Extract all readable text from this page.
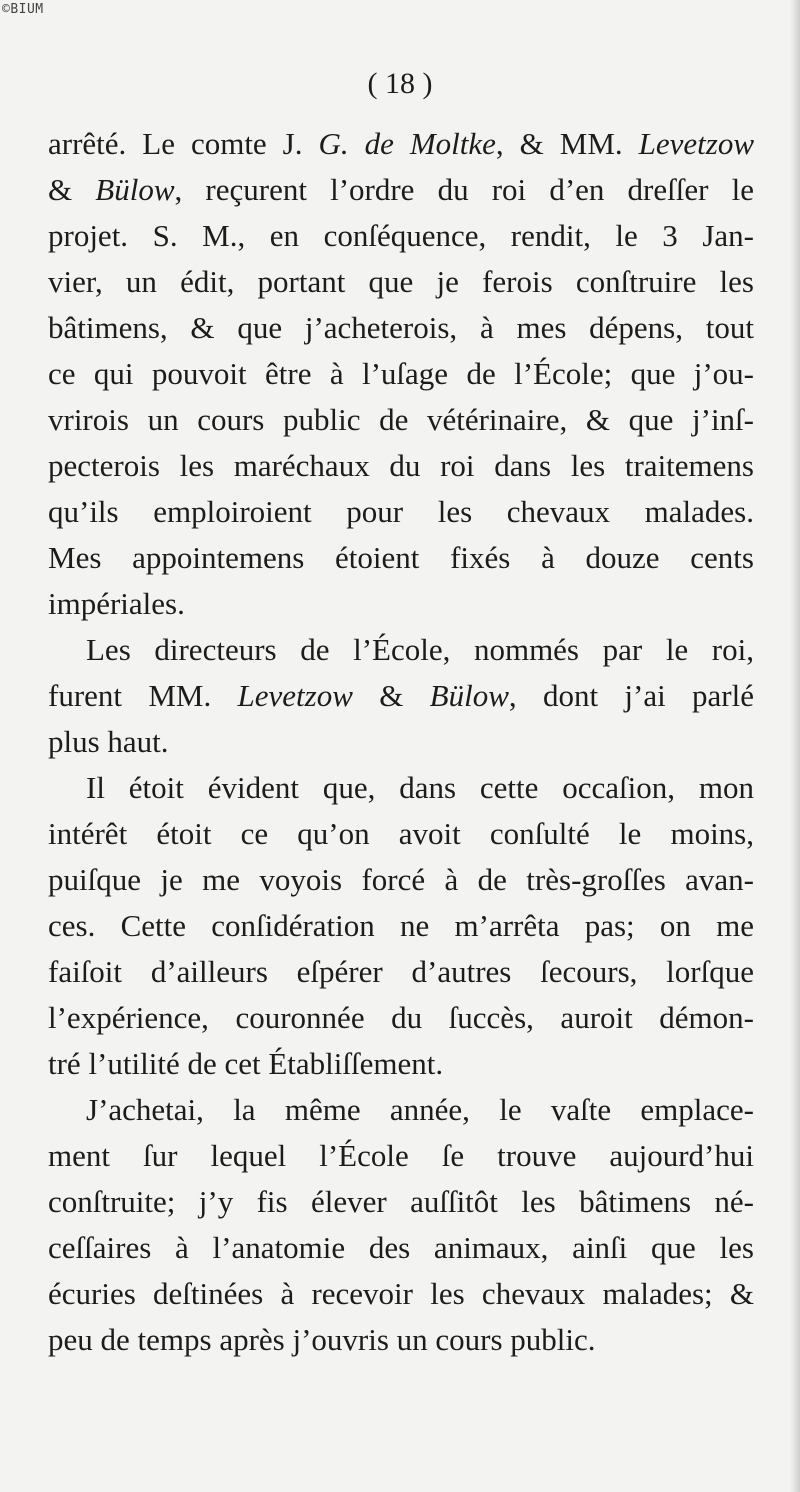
©BIUM
( 18 )
arrêté. Le comte J. G. de Moltke, & MM. Levetzow
& Bülow, reçurent l’ordre du roi d’en dreſſer le
projet. S. M., en conſéquence, rendit, le 3 Jan-
vier, un édit, portant que je ferois conſtruire les
bâtimens, & que j’acheterois, à mes dépens, tout
ce qui pouvoit être à l’uſage de l’École; que j’ou-
vrirois un cours public de vétérinaire, & que j’inſ-
pecterois les maréchaux du roi dans les traitemens
qu’ils emploiroient pour les chevaux malades.
Mes appointemens étoient fixés à douze cents
impériales.
Les directeurs de l’École, nommés par le roi,
furent MM. Levetzow & Bülow, dont j’ai parlé
plus haut.
Il étoit évident que, dans cette occaſion, mon
intérêt étoit ce qu’on avoit conſulté le moins,
puiſque je me voyois forcé à de très-groſſes avan-
ces. Cette conſidération ne m’arrêta pas; on me
faiſoit d’ailleurs eſpérer d’autres ſecours, lorſque
l’expérience, couronnée du ſuccès, auroit démon-
tré l’utilité de cet Établiſſement.
J’achetai, la même année, le vaſte emplace-
ment ſur lequel l’École ſe trouve aujourd’hui
conſtruite; j’y fis élever auſſitôt les bâtimens né-
ceſſaires à l’anatomie des animaux, ainſi que les
écuries deſtinées à recevoir les chevaux malades; &
peu de temps après j’ouvris un cours public.
